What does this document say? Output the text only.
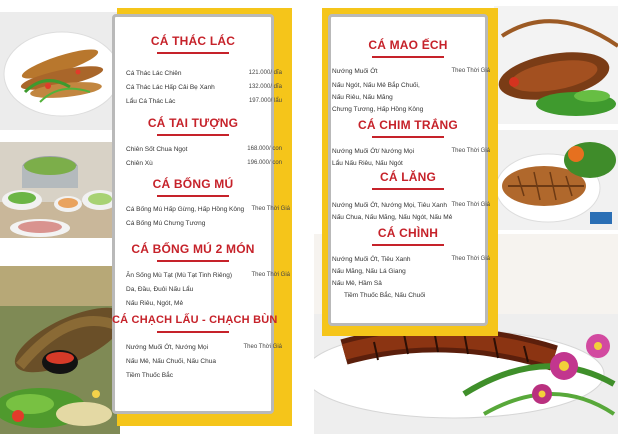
CÁ THÁC LÁC
Cá Thác Lác Chiên	121.000/ dĩa
Cá Thác Lác Hấp Cải Bẹ Xanh	132.000/ dĩa
Lẩu Cá Thác Lác	197.000/ lẩu
CÁ TAI TƯỢNG
Chiên Sốt Chua Ngọt	168.000/ con
Chiên Xù	196.000/ con
CÁ BỐNG MÚ
Cá Bống Mú Hấp Gừng, Hấp Hồng Kông Theo Thời Giá
Cá Bống Mú Chưng Tương
CÁ BỐNG MÚ 2 MÓN
Ăn Sống Mù Tạt (Mù Tạt Tinh Riêng)	Theo Thời Giá
Da, Đầu, Đuôi Nấu Lẩu
Nấu Riêu, Ngót, Mẻ
CÁ CHẠCH LẤU - CHẠCH BÙN
Nướng Muối Ớt, Nướng Mọi	Theo Thời Giá
Nấu Mẻ, Nấu Chuối, Nấu Chua
Tiềm Thuốc Bắc
CÁ MAO ẾCH
Nướng Muối Ớt	Theo Thời Giá
Nấu Ngót, Nấu Mẻ Bắp Chuối,
Nấu Riêu, Nấu Măng
Chưng Tương, Hấp Hồng Kông
CÁ CHIM TRẮNG
Nướng Muối Ớt/ Nướng Mọi	Theo Thời Giá
Lẩu Nấu Riêu, Nấu Ngót
CÁ LĂNG
Nướng Muối Ớt, Nướng Mọi, Tiêu Xanh Theo Thời Giá
Nấu Chua, Nấu Măng, Nấu Ngót, Nấu Mẻ
CÁ CHÌNH
Nướng Muối Ớt, Tiêu Xanh	Theo Thời Giá
Nấu Măng, Nấu Lá Giang
Nấu Mẻ, Hầm Sả
Tiềm Thuốc Bắc, Nấu Chuối
